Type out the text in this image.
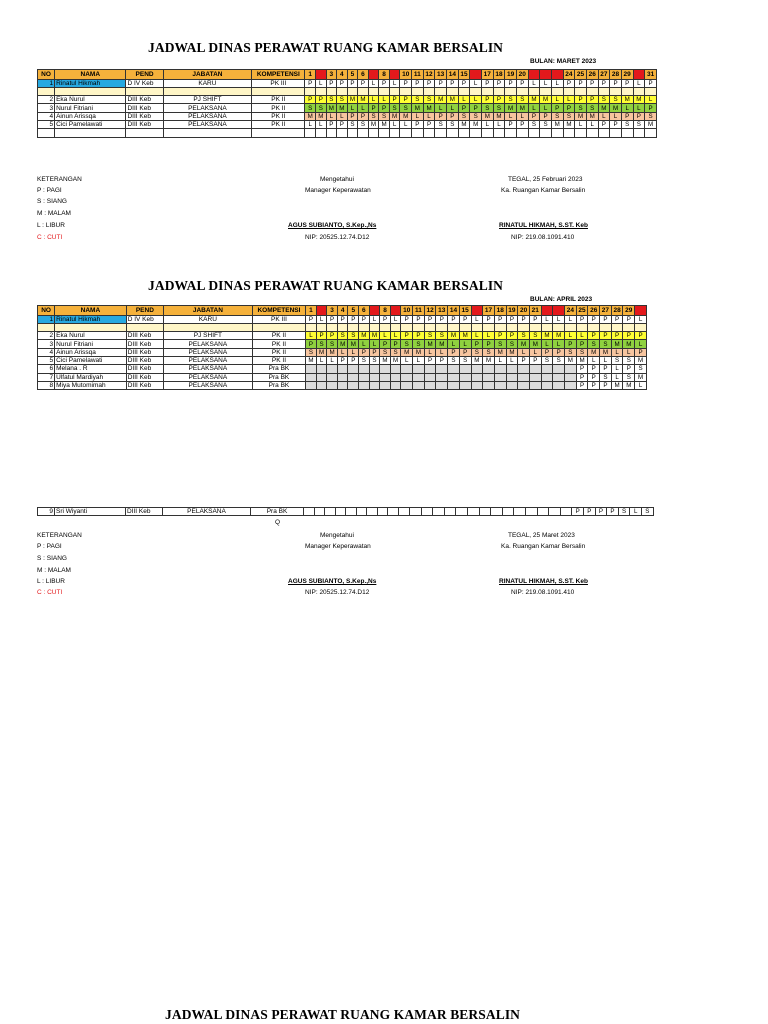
JADWAL DINAS PERAWAT RUANG KAMAR BERSALIN
BULAN: MARET 2023
NO	NAMA	PEND	JABATAN	KOMPETENSI	1	2	3	4	5	6	7	8	9	10	11	12	13	14	15	16	17	18	19	20	21	22	23	24	25	26	27	28	29	30	31
1	Rinatul Hikmah	D IV Keb	KARU	PK III	P	L	P	P	P	P	L	P	L	P	P	P	P	P	P	L	P	P	P	P	L	L	L	P	P	P	P	P	P	L	P

2	Eka Nurul	DIII Keb	PJ SHIFT	PK II	P	P	S	S	M	M	L	L	P	P	S	S	M	M	L	L	P	P	S	S	M	M	L	L	P	P	S	S	M	M	L
3	Nurul Fitriani	DIII Keb	PELAKSANA	PK II	S	S	M	M	L	L	P	P	S	S	M	M	L	L	P	P	S	S	M	M	L	L	P	P	S	S	M	M	L	L	P
4	Ainun Arissqa	DIII Keb	PELAKSANA	PK II	M	M	L	L	P	P	S	S	M	M	L	L	P	P	S	S	M	M	L	L	P	P	S	S	M	M	L	L	P	P	S
5	Cici Pamelawati	DIII Keb	PELAKSANA	PK II	L	L	P	P	S	S	M	M	L	L	P	P	S	S	M	M	L	L	P	P	S	S	M	M	L	L	P	P	S	S	M

KETERANGAN
P : PAGI
S : SIANG
M : MALAM
L : LIBUR
C : CUTI
Mengetahui
Manager Keperawatan
TEGAL, 25 Februari 2023
Ka. Ruangan Kamar Bersalin
AGUS SUBIANTO, S.Kep.,Ns
NIP: 20525.12.74.D12
RINATUL HIKMAH, S.ST. Keb
NIP: 219.08.1091.410
JADWAL DINAS PERAWAT RUANG KAMAR BERSALIN
BULAN: APRIL 2023
NO	NAMA	PEND	JABATAN	KOMPETENSI	1	2	3	4	5	6	7	8	9	10	11	12	13	14	15	16	17	18	19	20	21	22	23	24	25	26	27	28	29	30
1	Rinatul Hikmah	D IV Keb	KARU	PK III	P	L	P	P	P	P	L	P	L	P	P	P	P	P	P	L	P	P	P	P	P	L	L	L	P	P	P	P	P	L

2	Eka Nurul	DIII Keb	PJ SHIFT	PK II	L	P	P	S	S	M	M	L	L	P	P	S	S	M	M	L	L	P	P	S	S	M	M	L	L	P	P	P	P	P
3	Nurul Fitriani	DIII Keb	PELAKSANA	PK II	P	S	S	M	M	L	L	P	P	S	S	M	M	L	L	P	P	S	S	M	M	L	L	P	P	S	S	M	M	L
4	Ainun Arissqa	DIII Keb	PELAKSANA	PK II	S	M	M	L	L	P	P	S	S	M	M	L	L	P	P	S	S	M	M	L	L	P	P	S	S	M	M	L	L	P
5	Cici Pamelawati	DIII Keb	PELAKSANA	PK II	M	L	L	P	P	S	S	M	M	L	L	P	P	S	S	M	M	L	L	P	P	S	S	M	M	L	L	S	S	M
6	Melana . R	DIII Keb	PELAKSANA	Pra BK																									P	P	P	L	P	S
7	Ulfatul Mardiyah	DIII Keb	PELAKSANA	Pra BK																									P	P	S	L	S	M
8	Miya Mutomimah	DIII Keb	PELAKSANA	Pra BK																									P	P	P	M	M	L
9	Sri Wiyanti	DIII Keb	PELAKSANA	Pra BK																									P	P	P	P	S	L	S
Q
KETERANGAN
P : PAGI
S : SIANG
M : MALAM
L : LIBUR
C : CUTI
Mengetahui
Manager Keperawatan
TEGAL, 25 Maret 2023
Ka. Ruangan Kamar Bersalin
AGUS SUBIANTO, S.Kep.,Ns
NIP: 20525.12.74.D12
RINATUL HIKMAH, S.ST. Keb
NIP: 219.08.1091.410
JADWAL DINAS PERAWAT RUANG KAMAR BERSALIN
